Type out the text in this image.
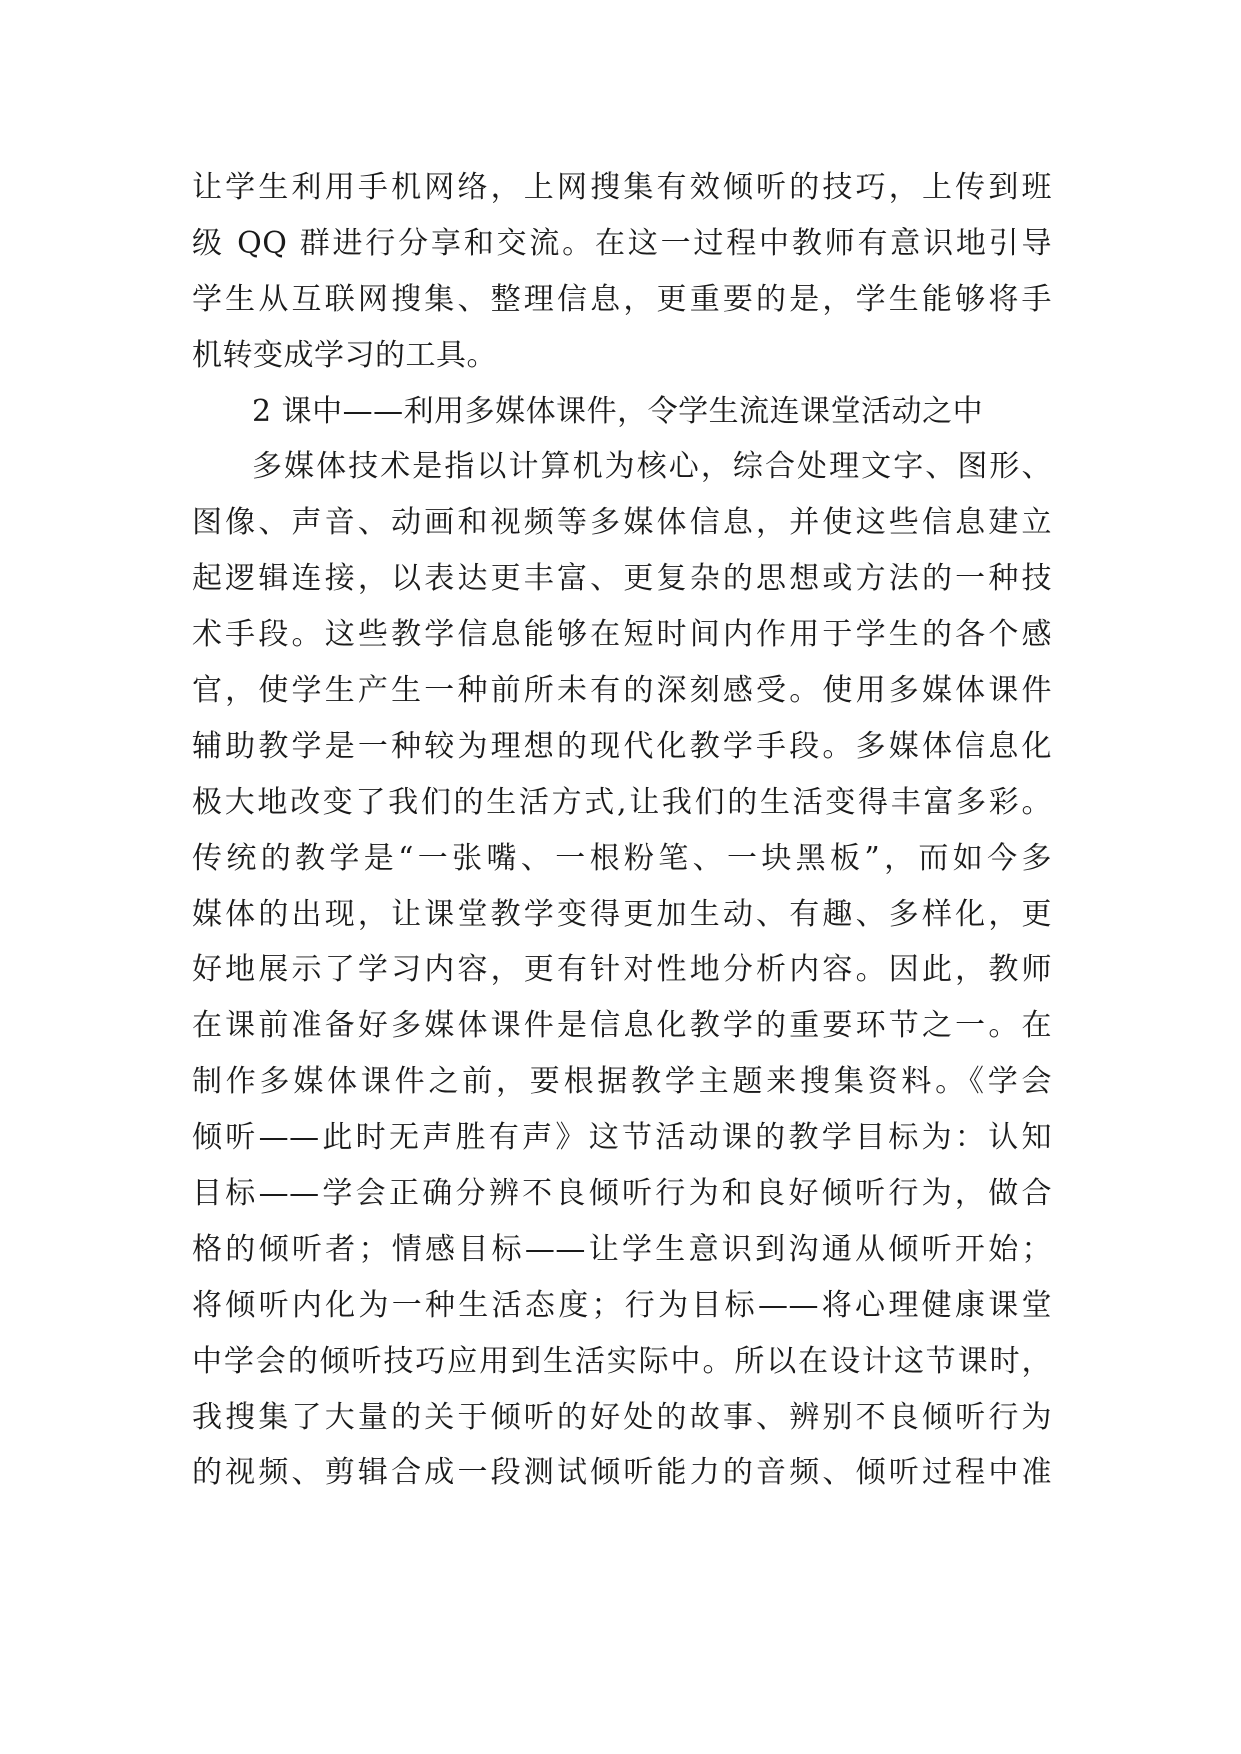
让学生利用手机网络，上网搜集有效倾听的技巧，上传到班
级 QQ 群进行分享和交流。在这一过程中教师有意识地引导
学生从互联网搜集、整理信息，更重要的是，学生能够将手
机转变成学习的工具。
2 课中——利用多媒体课件，令学生流连课堂活动之中
多媒体技术是指以计算机为核心，综合处理文字、图形、
图像、声音、动画和视频等多媒体信息，并使这些信息建立
起逻辑连接，以表达更丰富、更复杂的思想或方法的一种技
术手段。这些教学信息能够在短时间内作用于学生的各个感
官，使学生产生一种前所未有的深刻感受。使用多媒体课件
辅助教学是一种较为理想的现代化教学手段。多媒体信息化
极大地改变了我们的生活方式,让我们的生活变得丰富多彩。
传统的教学是“一张嘴、一根粉笔、一块黑板”，而如今多
媒体的出现，让课堂教学变得更加生动、有趣、多样化，更
好地展示了学习内容，更有针对性地分析内容。因此，教师
在课前准备好多媒体课件是信息化教学的重要环节之一。在
制作多媒体课件之前，要根据教学主题来搜集资料。《学会
倾听——此时无声胜有声》这节活动课的教学目标为：认知
目标——学会正确分辨不良倾听行为和良好倾听行为，做合
格的倾听者；情感目标——让学生意识到沟通从倾听开始；
将倾听内化为一种生活态度；行为目标——将心理健康课堂
中学会的倾听技巧应用到生活实际中。所以在设计这节课时，
我搜集了大量的关于倾听的好处的故事、辨别不良倾听行为
的视频、剪辑合成一段测试倾听能力的音频、倾听过程中准
